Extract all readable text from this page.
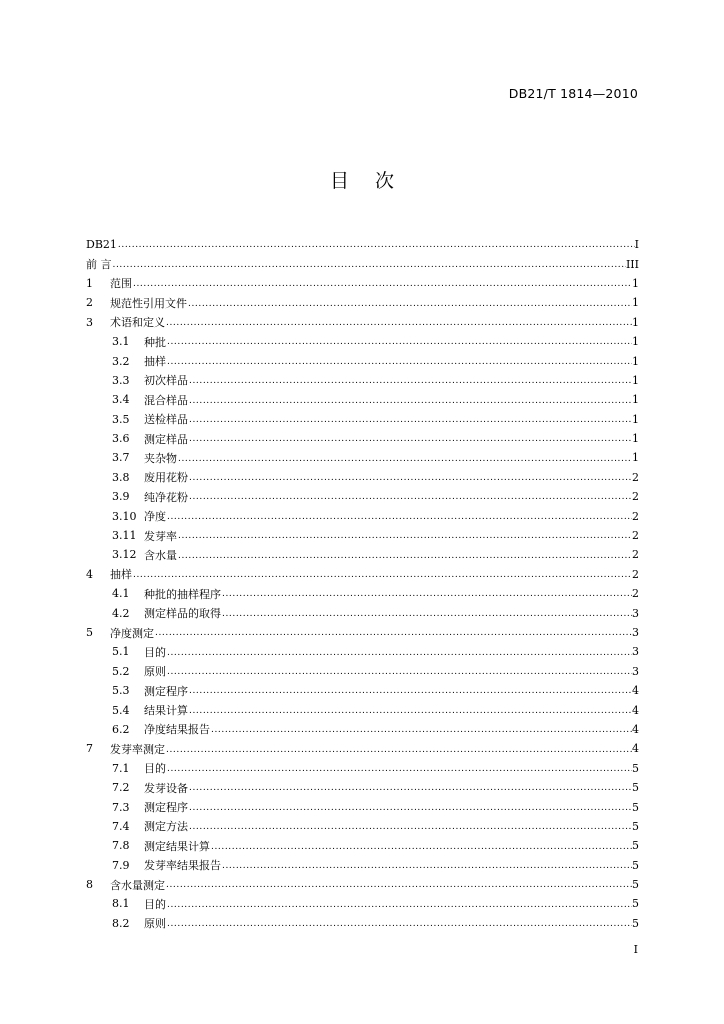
DB21/T 1814—2010
目 次
DB21 .....	I
前 言 .....	III
1	范围 .....	1
2	规范性引用文件 .....	1
3	术语和定义 .....	1
3.1	种批 .....	1
3.2	抽样 .....	1
3.3	初次样品 .....	1
3.4	混合样品 .....	1
3.5	送检样品 .....	1
3.6	测定样品 .....	1
3.7	夹杂物 .....	1
3.8	废用花粉 .....	2
3.9	纯净花粉 .....	2
3.10 净度 .....	2
3.11 发芽率 .....	2
3.12 含水量 .....	2
4	抽样 .....	2
4.1	种批的抽样程序 .....	2
4.2	测定样品的取得 .....	3
5	净度测定 .....	3
5.1	目的 .....	3
5.2	原则 .....	3
5.3	测定程序 .....	4
5.4	结果计算 .....	4
6.2	净度结果报告 .....	4
7	发芽率测定 .....	4
7.1	目的 .....	5
7.2	发芽设备 .....	5
7.3	测定程序 .....	5
7.4	测定方法 .....	5
7.8	测定结果计算 .....	5
7.9	发芽率结果报告 .....	5
8	含水量测定 .....	5
8.1	目的 .....	5
8.2	原则 .....	5
I
